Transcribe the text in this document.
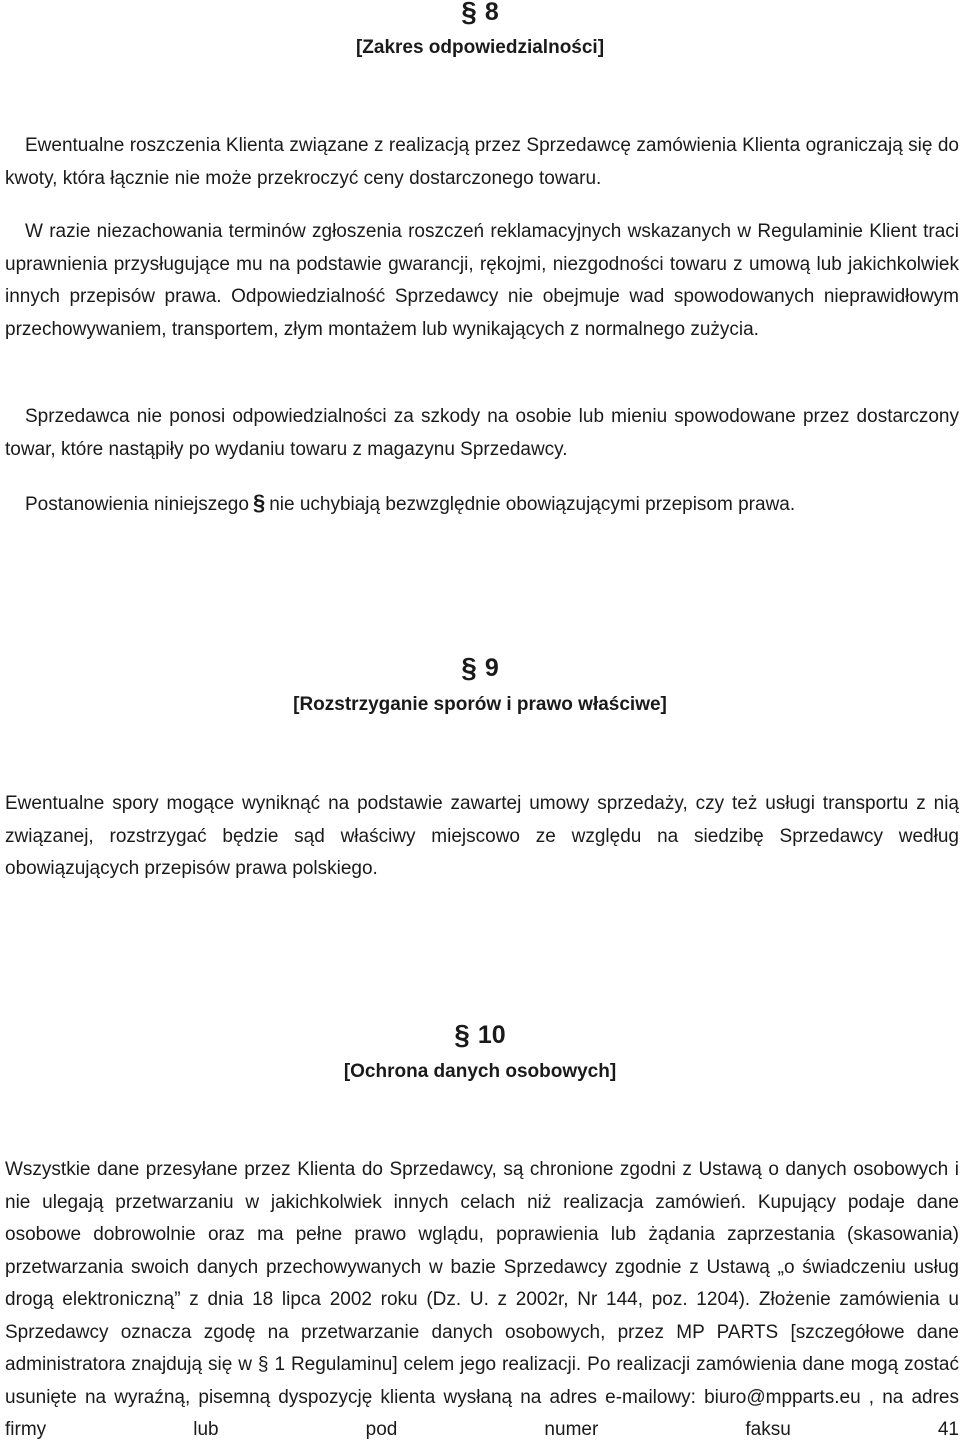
§ 8
[Zakres odpowiedzialności]

Ewentualne roszczenia Klienta związane z realizacją przez Sprzedawcę zamówienia Klienta ograniczają się do kwoty, która łącznie nie może przekroczyć ceny dostarczonego towaru.

W razie niezachowania terminów zgłoszenia roszczeń reklamacyjnych wskazanych w Regulaminie Klient traci uprawnienia przysługujące mu na podstawie gwarancji, rękojmi, niezgodności towaru z umową lub jakichkolwiek innych przepisów prawa. Odpowiedzialność Sprzedawcy nie obejmuje wad spowodowanych nieprawidłowym przechowywaniem, transportem, złym montażem lub wynikających z normalnego zużycia.

Sprzedawca nie ponosi odpowiedzialności za szkody na osobie lub mieniu spowodowane przez dostarczony towar, które nastąpiły po wydaniu towaru z magazynu Sprzedawcy.

Postanowienia niniejszego § nie uchybiają bezwzględnie obowiązującymi przepisom prawa.

§ 9
[Rozstrzyganie sporów i prawo właściwe]

Ewentualne spory mogące wyniknąć na podstawie zawartej umowy sprzedaży, czy też usługi transportu z nią związanej, rozstrzygać będzie sąd właściwy miejscowo ze względu na siedzibę Sprzedawcy według obowiązujących przepisów prawa polskiego.

§ 10
[Ochrona danych osobowych]

Wszystkie dane przesyłane przez Klienta do Sprzedawcy, są chronione zgodni z Ustawą o danych osobowych i nie ulegają przetwarzaniu w jakichkolwiek innych celach niż realizacja zamówień. Kupujący podaje dane osobowe dobrowolnie oraz ma pełne prawo wglądu, poprawienia lub żądania zaprzestania (skasowania) przetwarzania swoich danych przechowywanych w bazie Sprzedawcy zgodnie z Ustawą „o świadczeniu usług drogą elektroniczną” z dnia 18 lipca 2002 roku (Dz. U. z 2002r, Nr 144, poz. 1204). Złożenie zamówienia u Sprzedawcy oznacza zgodę na przetwarzanie danych osobowych, przez MP PARTS [szczegółowe dane administratora znajdują się w § 1 Regulaminu] celem jego realizacji. Po realizacji zamówienia dane mogą zostać usunięte na wyraźną, pisemną dyspozycję klienta wysłaną na adres e-mailowy: biuro@mpparts.eu , na adres firmy lub pod numer faksu 41
